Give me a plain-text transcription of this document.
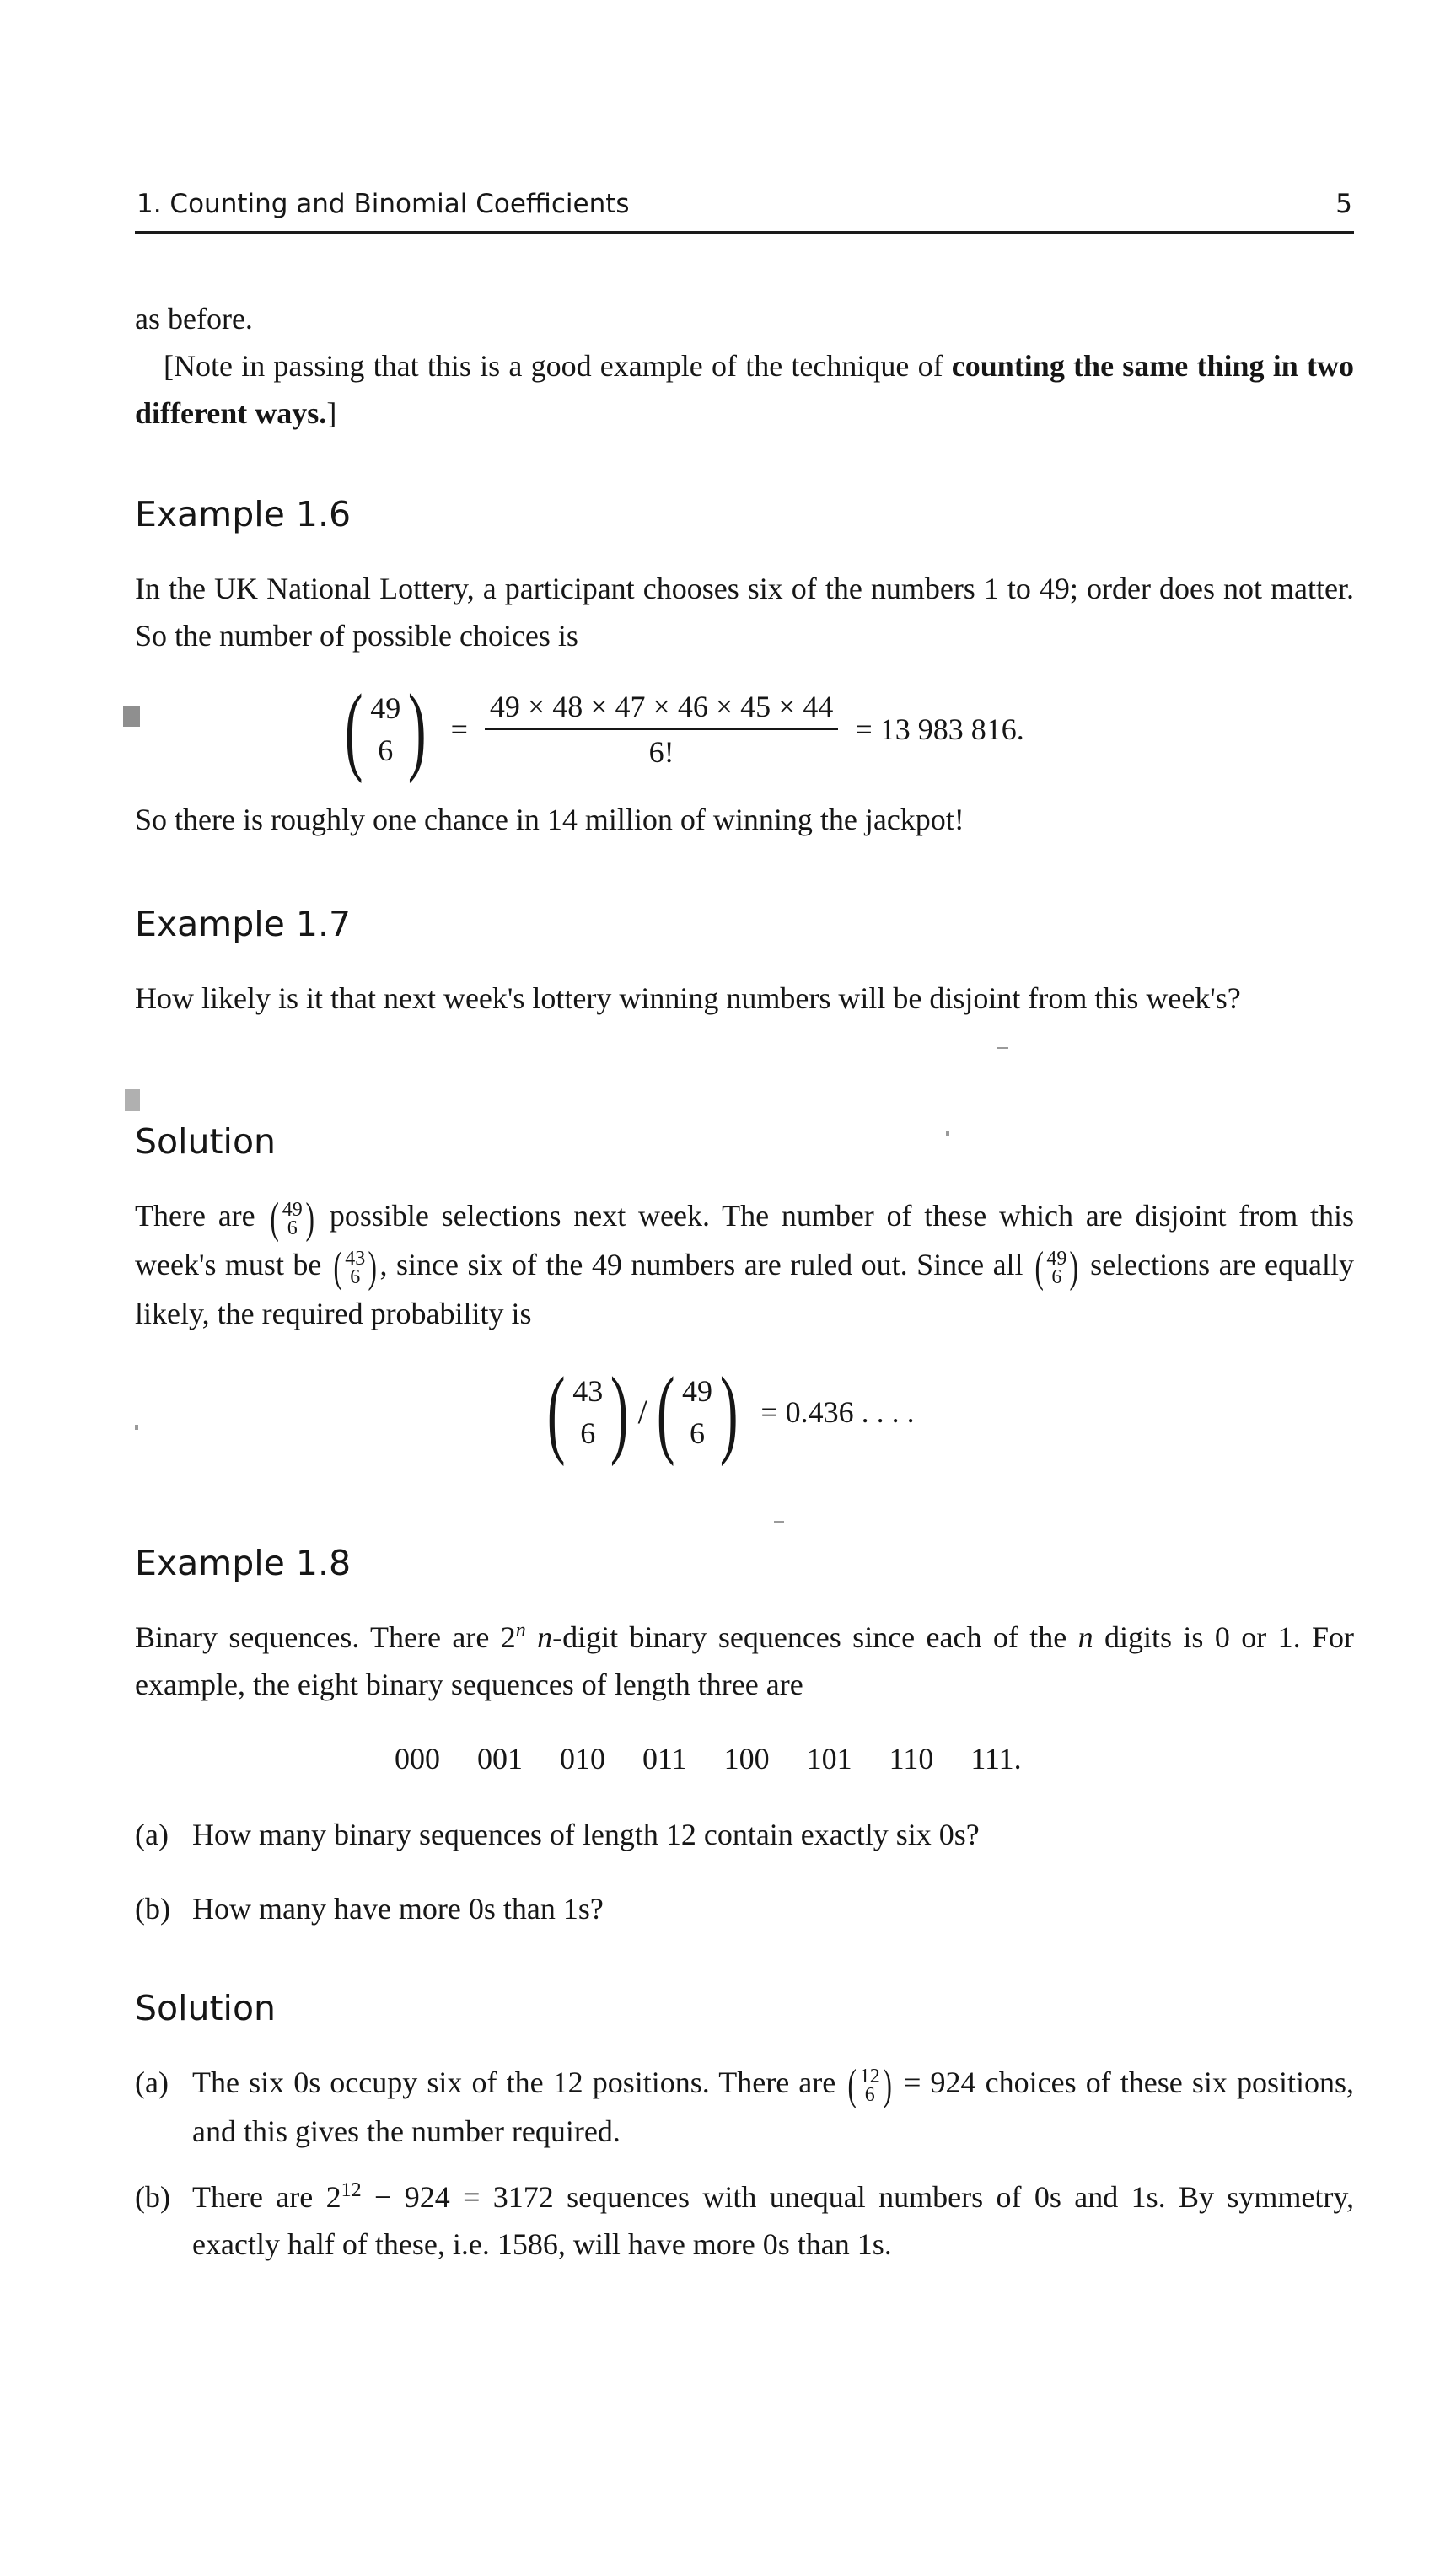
1. Counting and Binomial Coefficients	5

as before.

[Note in passing that this is a good example of the technique of counting the same thing in two different ways.]

Example 1.6
In the UK National Lottery, a participant chooses six of the numbers 1 to 49; order does not matter. So the number of possible choices is
( 49
6 ) = $\frac{49 \times 48 \times 47 \times 46 \times 45 \times 44}{6!} = 13$ 983 816.
So there is roughly one chance in 14 million of winning the jackpot!
Example 1.7
How likely is it that next week's lottery winning numbers will be disjoint from this week's?
Solution
There are ( 49
6 ) possible selections next week. The number of these which are disjoint from this week's must be ( 43
6 ) , since six of the 49 numbers are ruled out. Since all ( 49
6 ) selections are equally likely, the required probability is
( 43
6 ) / ( 49
6 ) = 0.436 . . . .
Example 1.8
Binary sequences. There are 2$^n$ n-digit binary sequences since each of the n digits is 0 or 1. For example, the eight binary sequences of length three are
000 001 010 011 100 101 110 111.
(a) How many binary sequences of length 12 contain exactly six 0s?
(b) How many have more 0s than 1s?
Solution
(a) The six 0s occupy six of the 12 positions. There are ( 12
6 ) = 924 choices of these six positions, and this gives the number required.
(b) There are $2^{12} - 924 = 3172$ sequences with unequal numbers of 0s and 1s. By symmetry, exactly half of these, i.e. 1586, will have more 0s than 1s.
